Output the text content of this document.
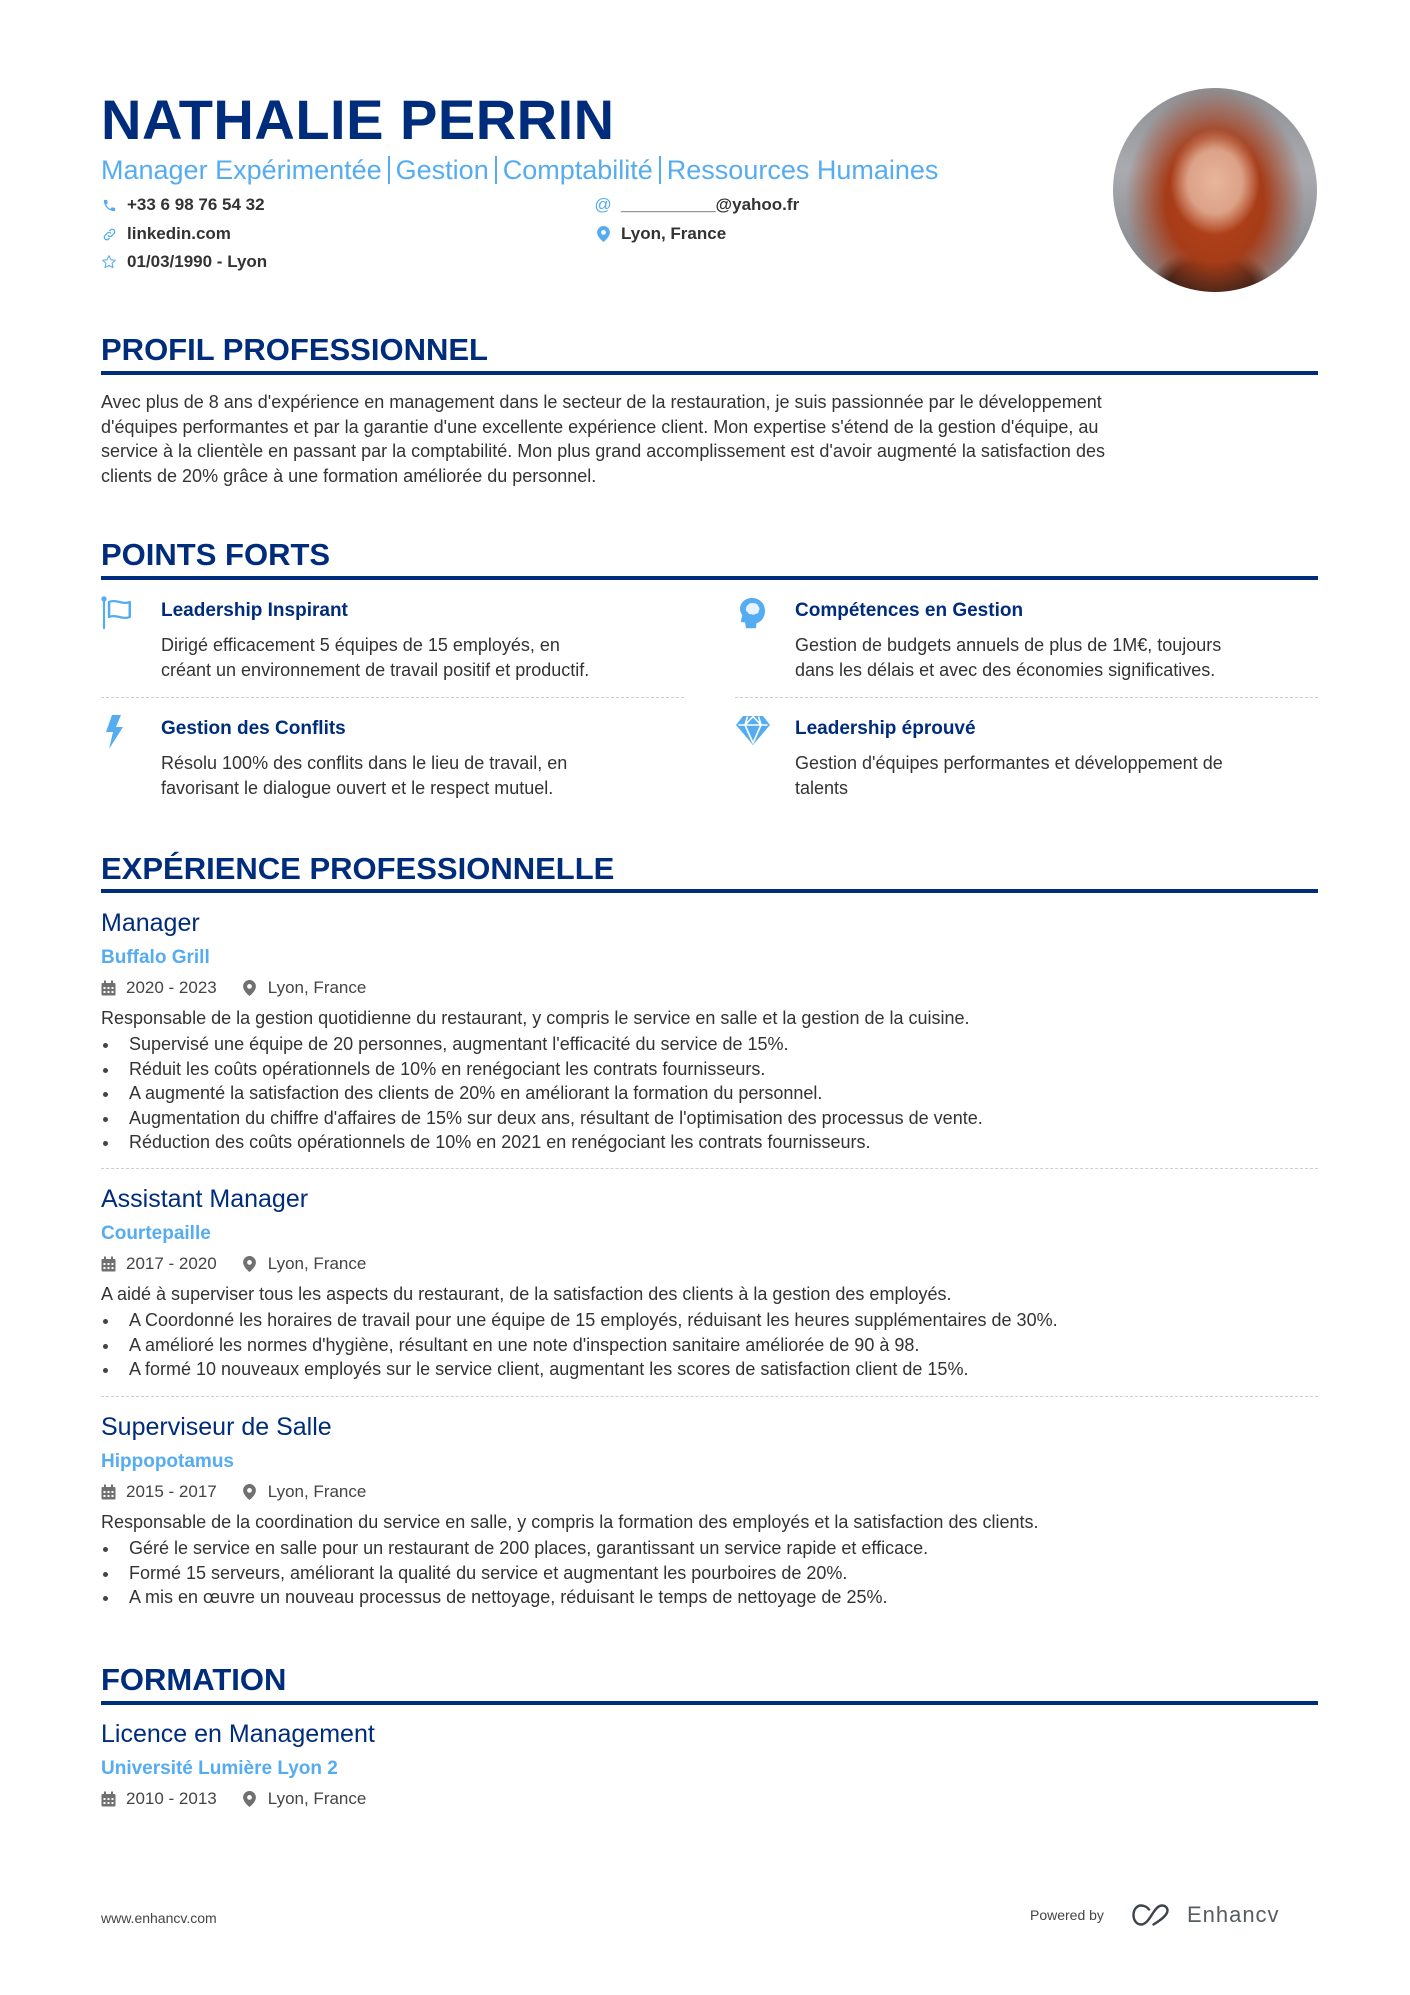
NATHALIE PERRIN
Manager Expérimentée Gestion Comptabilité Ressources Humaines
+33 6 98 76 54 32	@ __________@yahoo.fr
linkedin.com	Lyon, France
01/03/1990 - Lyon
PROFIL PROFESSIONNEL
Avec plus de 8 ans d'expérience en management dans le secteur de la restauration, je suis passionnée par le développement
d'équipes performantes et par la garantie d'une excellente expérience client. Mon expertise s'étend de la gestion d'équipe, au
service à la clientèle en passant par la comptabilité. Mon plus grand accomplissement est d'avoir augmenté la satisfaction des
clients de 20% grâce à une formation améliorée du personnel.
POINTS FORTS
Leadership Inspirant
Dirigé efficacement 5 équipes de 15 employés, en
créant un environnement de travail positif et productif.
Compétences en Gestion
Gestion de budgets annuels de plus de 1M€, toujours
dans les délais et avec des économies significatives.
Gestion des Conflits
Résolu 100% des conflits dans le lieu de travail, en
favorisant le dialogue ouvert et le respect mutuel.
Leadership éprouvé
Gestion d'équipes performantes et développement de
talents
EXPÉRIENCE PROFESSIONNELLE
Manager
Buffalo Grill
2020 - 2023	Lyon, France
Responsable de la gestion quotidienne du restaurant, y compris le service en salle et la gestion de la cuisine.
Supervisé une équipe de 20 personnes, augmentant l'efficacité du service de 15%.
Réduit les coûts opérationnels de 10% en renégociant les contrats fournisseurs.
A augmenté la satisfaction des clients de 20% en améliorant la formation du personnel.
Augmentation du chiffre d'affaires de 15% sur deux ans, résultant de l'optimisation des processus de vente.
Réduction des coûts opérationnels de 10% en 2021 en renégociant les contrats fournisseurs.
Assistant Manager
Courtepaille
2017 - 2020	Lyon, France
A aidé à superviser tous les aspects du restaurant, de la satisfaction des clients à la gestion des employés.
A Coordonné les horaires de travail pour une équipe de 15 employés, réduisant les heures supplémentaires de 30%.
A amélioré les normes d'hygiène, résultant en une note d'inspection sanitaire améliorée de 90 à 98.
A formé 10 nouveaux employés sur le service client, augmentant les scores de satisfaction client de 15%.
Superviseur de Salle
Hippopotamus
2015 - 2017	Lyon, France
Responsable de la coordination du service en salle, y compris la formation des employés et la satisfaction des clients.
Géré le service en salle pour un restaurant de 200 places, garantissant un service rapide et efficace.
Formé 15 serveurs, améliorant la qualité du service et augmentant les pourboires de 20%.
A mis en œuvre un nouveau processus de nettoyage, réduisant le temps de nettoyage de 25%.
FORMATION
Licence en Management
Université Lumière Lyon 2
2010 - 2013	Lyon, France
www.enhancv.com	Powered by	Enhancv
